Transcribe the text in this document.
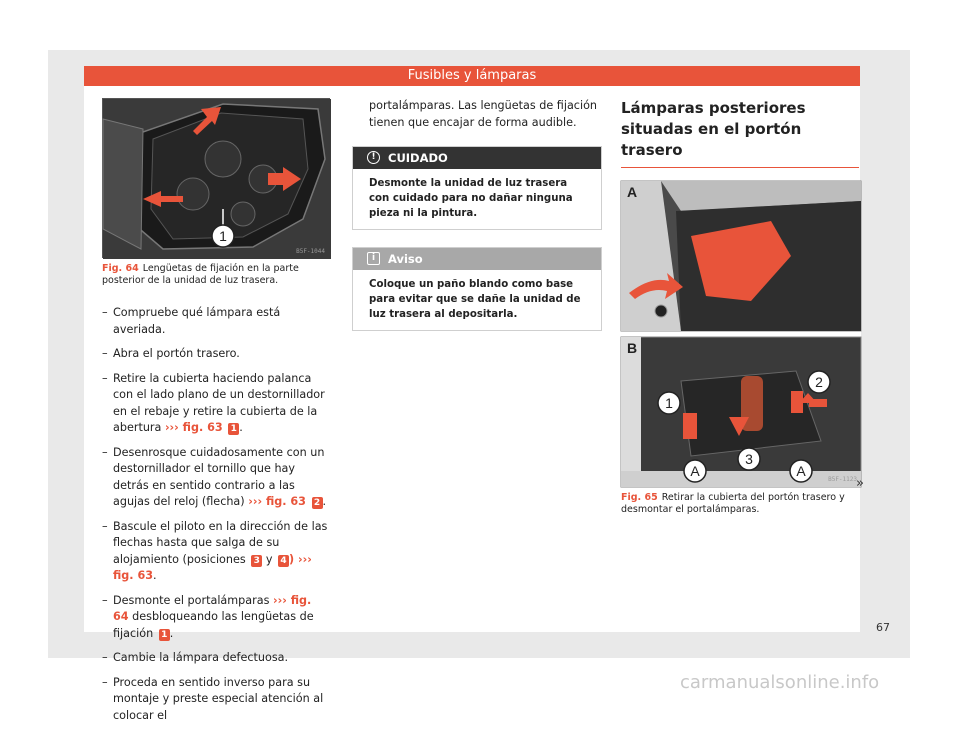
Fusibles y lámparas
1
B5F-1044
Fig. 64 Lengüetas de fijación en la parte posterior de la unidad de luz trasera.
– Compruebe qué lámpara está averiada.
– Abra el portón trasero.
– Retire la cubierta haciendo palanca con el lado plano de un destornillador en el rebaje y retire la cubierta de la abertura ››› fig. 63 1 .
– Desenrosque cuidadosamente con un destornillador el tornillo que hay detrás en sentido contrario a las agujas del reloj (flecha) ››› fig. 63 2 .
– Bascule el piloto en la dirección de las flechas hasta que salga de su alojamiento (posiciones 3 y 4 ) ››› fig. 63.
– Desmonte el portalámparas ››› fig. 64 desbloqueando las lengüetas de fijación 1 .
– Cambie la lámpara defectuosa.
– Proceda en sentido inverso para su montaje y preste especial atención al colocar el

portalámparas. Las lengüetas de fijación tienen que encajar de forma audible.

! CUIDADO
Desmonte la unidad de luz trasera con cuidado para no dañar ninguna pieza ni la pintura.
i Aviso
Coloque un paño blando como base para evitar que se dañe la unidad de luz trasera al depositarla.
Lámparas posteriores situadas en el portón trasero
A
B
1
2
3
A	A
B5F-1123
Fig. 65 Retirar la cubierta del portón trasero y desmontar el portalámparas.
»
67
carmanualsonline.info
